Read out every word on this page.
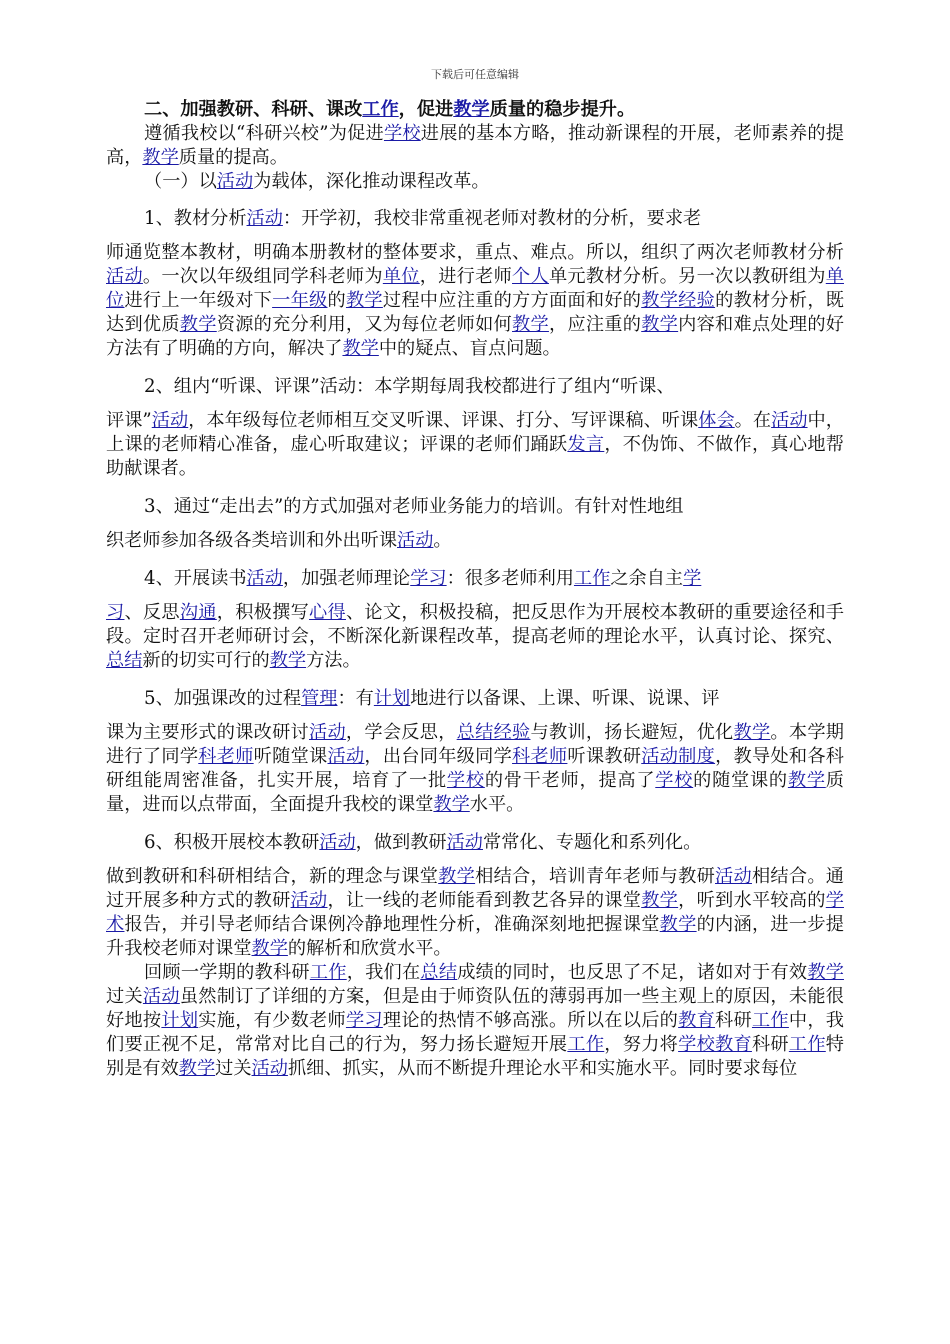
下载后可任意编辑

二、加强教研、科研、课改工作，促进教学质量的稳步提升。

遵循我校以“科研兴校”为促进学校进展的基本方略，推动新课程的开展，老师素养的提高，教学质量的提高。

（一）以活动为载体，深化推动课程改革。

1、教材分析活动：开学初，我校非常重视老师对教材的分析，要求老
师通览整本教材，明确本册教材的整体要求，重点、难点。所以，组织了两次老师教材分析活动。一次以年级组同学科老师为单位，进行老师个人单元教材分析。另一次以教研组为单位进行上一年级对下一年级的教学过程中应注重的方方面面和好的教学经验的教材分析，既达到优质教学资源的充分利用，又为每位老师如何教学，应注重的教学内容和难点处理的好方法有了明确的方向，解决了教学中的疑点、盲点问题。

2、组内“听课、评课”活动：本学期每周我校都进行了组内“听课、
评课”活动，本年级每位老师相互交叉听课、评课、打分、写评课稿、听课体会。在活动中，上课的老师精心准备，虚心听取建议；评课的老师们踊跃发言，不伪饰、不做作，真心地帮助献课者。

3、通过“走出去”的方式加强对老师业务能力的培训。有针对性地组
织老师参加各级各类培训和外出听课活动。

4、开展读书活动，加强老师理论学习：很多老师利用工作之余自主学
习、反思沟通，积极撰写心得、论文，积极投稿，把反思作为开展校本教研的重要途径和手段。定时召开老师研讨会，不断深化新课程改革，提高老师的理论水平，认真讨论、探究、总结新的切实可行的教学方法。

5、加强课改的过程管理：有计划地进行以备课、上课、听课、说课、评
课为主要形式的课改研讨活动，学会反思，总结经验与教训，扬长避短，优化教学。本学期进行了同学科老师听随堂课活动，出台同年级同学科老师听课教研活动制度，教导处和各科研组能周密准备，扎实开展，培育了一批学校的骨干老师，提高了学校的随堂课的教学质量，进而以点带面，全面提升我校的课堂教学水平。

6、积极开展校本教研活动，做到教研活动常常化、专题化和系列化。
做到教研和科研相结合，新的理念与课堂教学相结合，培训青年老师与教研活动相结合。通过开展多种方式的教研活动，让一线的老师能看到教艺各异的课堂教学，听到水平较高的学术报告，并引导老师结合课例冷静地理性分析，准确深刻地把握课堂教学的内涵，进一步提升我校老师对课堂教学的解析和欣赏水平。

回顾一学期的教科研工作，我们在总结成绩的同时，也反思了不足，诸如对于有效教学过关活动虽然制订了详细的方案，但是由于师资队伍的薄弱再加一些主观上的原因，未能很好地按计划实施，有少数老师学习理论的热情不够高涨。所以在以后的教育科研工作中，我们要正视不足，常常对比自己的行为，努力扬长避短开展工作，努力将学校教育科研工作特别是有效教学过关活动抓细、抓实，从而不断提升理论水平和实施水平。同时要求每位
